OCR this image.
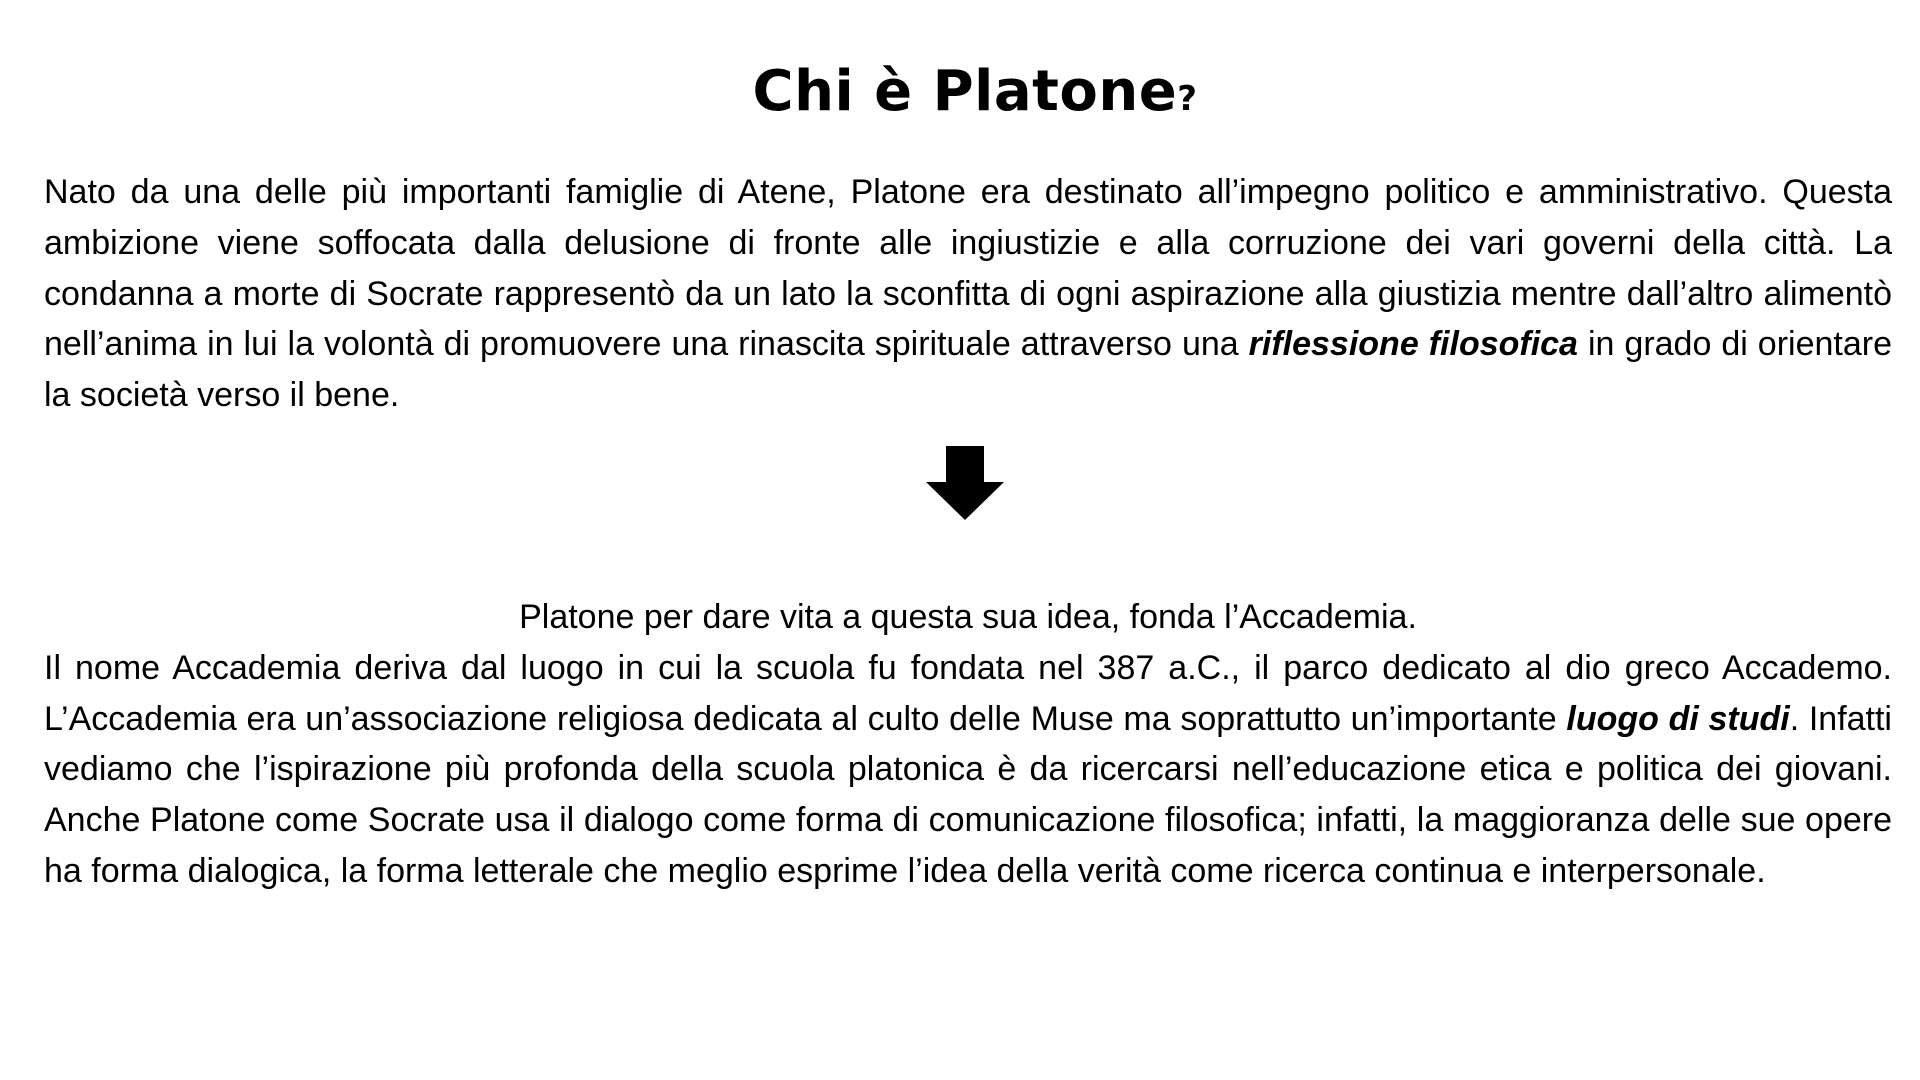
Chi è Platone?

Nato da una delle più importanti famiglie di Atene, Platone era destinato all’impegno politico e amministrativo. Questa ambizione viene soffocata dalla delusione di fronte alle ingiustizie e alla corruzione dei vari governi della città. La condanna a morte di Socrate rappresentò da un lato la sconfitta di ogni aspirazione alla giustizia mentre dall’altro alimentò nell’anima in lui la volontà di promuovere una rinascita spirituale attraverso una riflessione filosofica in grado di orientare la società verso il bene.

Platone per dare vita a questa sua idea, fonda l’Accademia.
Il nome Accademia deriva dal luogo in cui la scuola fu fondata nel 387 a.C., il parco dedicato al dio greco Accademo. L’Accademia era un’associazione religiosa dedicata al culto delle Muse ma soprattutto un’importante luogo di studi. Infatti vediamo che l’ispirazione più profonda della scuola platonica è da ricercarsi nell’educazione etica e politica dei giovani. Anche Platone come Socrate usa il dialogo come forma di comunicazione filosofica; infatti, la maggioranza delle sue opere ha forma dialogica, la forma letterale che meglio esprime l’idea della verità come ricerca continua e interpersonale.
